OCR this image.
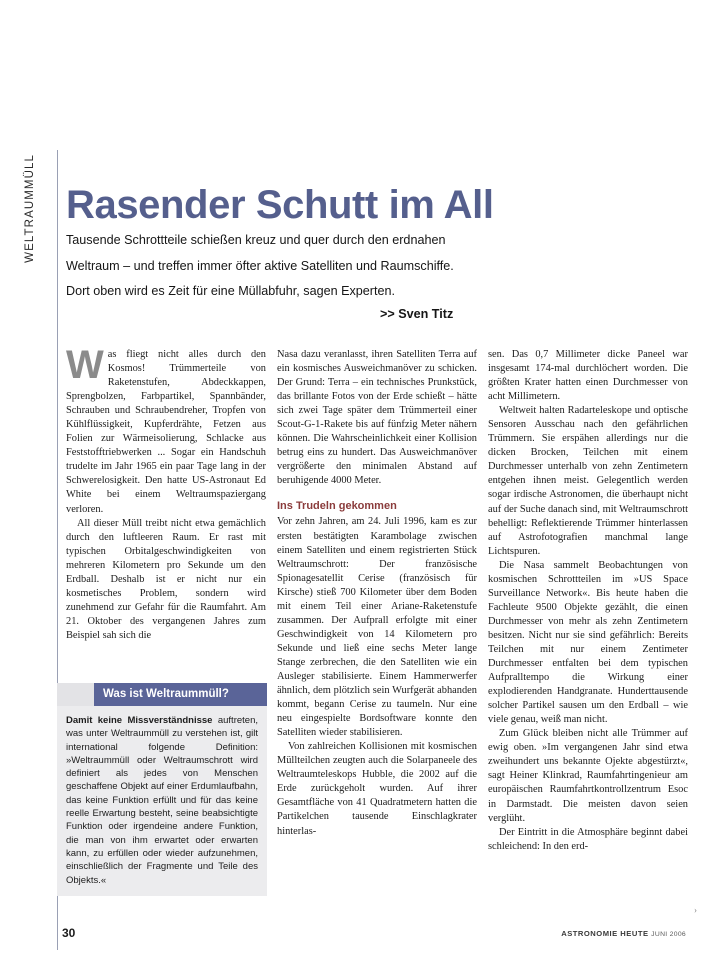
WELTRAUMMÜLL Rasender Schutt im All
Tausende Schrottteile schießen kreuz und quer durch den erdnahen Weltraum – und treffen immer öfter aktive Satelliten und Raumschiffe. Dort oben wird es Zeit für eine Müllabfuhr, sagen Experten.
>> Sven Titz

Was fliegt nicht alles durch den Kosmos! Trümmerteile von Raketenstufen, Abdeckkappen, Sprengbolzen, Farbpartikel, Spannbänder, Schrauben und Schraubendreher, Tropfen von Kühlflüssigkeit, Kupferdrähte, Fetzen aus Folien zur Wärmeisolierung, Schlacke aus Feststofftriebwerken ... Sogar ein Handschuh trudelte im Jahr 1965 ein paar Tage lang in der Schwerelosigkeit. Den hatte US-Astronaut Ed White bei einem Weltraumspaziergang verloren.

All dieser Müll treibt nicht etwa gemächlich durch den luftleeren Raum. Er rast mit typischen Orbitalgeschwindigkeiten von mehreren Kilometern pro Sekunde um den Erdball. Deshalb ist er nicht nur ein kosmetisches Problem, sondern wird zunehmend zur Gefahr für die Raumfahrt. Am 21. Oktober des vergangenen Jahres zum Beispiel sah sich die

Nasa dazu veranlasst, ihren Satelliten Terra auf ein kosmisches Ausweichmanöver zu schicken. Der Grund: Terra – ein technisches Prunkstück, das brillante Fotos von der Erde schießt – hätte sich zwei Tage später dem Trümmerteil einer Scout-G-1-Rakete bis auf fünfzig Meter nähern können. Die Wahrscheinlichkeit einer Kollision betrug eins zu hundert. Das Ausweichmanöver vergrößerte den minimalen Abstand auf beruhigende 4000 Meter.

Ins Trudeln gekommen

Vor zehn Jahren, am 24. Juli 1996, kam es zur ersten bestätigten Karambolage zwischen einem Satelliten und einem registrierten Stück Weltraumschrott: Der französische Spionagesatellit Cerise (französisch für Kirsche) stieß 700 Kilometer über dem Boden mit einem Teil einer Ariane-Raketenstufe zusammen. Der Aufprall erfolgte mit einer Geschwindigkeit von 14 Kilometern pro Sekunde und ließ eine sechs Meter lange Stange zerbrechen, die den Satelliten wie ein Ausleger stabilisierte. Einem Hammerwerfer ähnlich, dem plötzlich sein Wurfgerät abhanden kommt, begann Cerise zu taumeln. Nur eine neu eingespielte Bordsoftware konnte den Satelliten wieder stabilisieren.

Von zahlreichen Kollisionen mit kosmischen Müllteilchen zeugten auch die Solarpaneele des Weltraumteleskops Hubble, die 2002 auf die Erde zurückgeholt wurden. Auf ihrer Gesamtfläche von 41 Quadratmetern hatten die Partikelchen tausende Einschlagkrater hinterlas-

sen. Das 0,7 Millimeter dicke Paneel war insgesamt 174-mal durchlöchert worden. Die größten Krater hatten einen Durchmesser von acht Millimetern.

Weltweit halten Radarteleskope und optische Sensoren Ausschau nach den gefährlichen Trümmern. Sie erspähen allerdings nur die dicken Brocken, Teilchen mit einem Durchmesser unterhalb von zehn Zentimetern entgehen ihnen meist. Gelegentlich werden sogar irdische Astronomen, die überhaupt nicht auf der Suche danach sind, mit Weltraumschrott behelligt: Reflektierende Trümmer hinterlassen auf Astrofotografien manchmal lange Lichtspuren.

Die Nasa sammelt Beobachtungen von kosmischen Schrottteilen im »US Space Surveillance Network«. Bis heute haben die Fachleute 9500 Objekte gezählt, die einen Durchmesser von mehr als zehn Zentimetern besitzen. Nicht nur sie sind gefährlich: Bereits Teilchen mit nur einem Zentimeter Durchmesser entfalten bei dem typischen Aufpralltempo die Wirkung einer explodierenden Handgranate. Hunderttausende solcher Partikel sausen um den Erdball – wie viele genau, weiß man nicht.

Zum Glück bleiben nicht alle Trümmer auf ewig oben. »Im vergangenen Jahr sind etwa zweihundert uns bekannte Ojekte abgestürzt«, sagt Heiner Klinkrad, Raumfahrtingenieur am europäischen Raumfahrtkontrollzentrum Esoc in Darmstadt. Die meisten davon seien verglüht.

Der Eintritt in die Atmosphäre beginnt dabei schleichend: In den erd-

Was ist Weltraummüll?
Damit keine Missverständnisse auftreten, was unter Weltraummüll zu verstehen ist, gilt international folgende Definition: »Weltraummüll oder Weltraumschrott wird definiert als jedes von Menschen geschaffene Objekt auf einer Erdumlaufbahn, das keine Funktion erfüllt und für das keine reelle Erwartung besteht, seine beabsichtigte Funktion oder irgendeine andere Funktion, die man von ihm erwartet oder erwarten kann, zu erfüllen oder wieder aufzunehmen, einschließlich der Fragmente und Teile des Objekts.«
30	ASTRONOMIE HEUTE JUNI 2006
›
